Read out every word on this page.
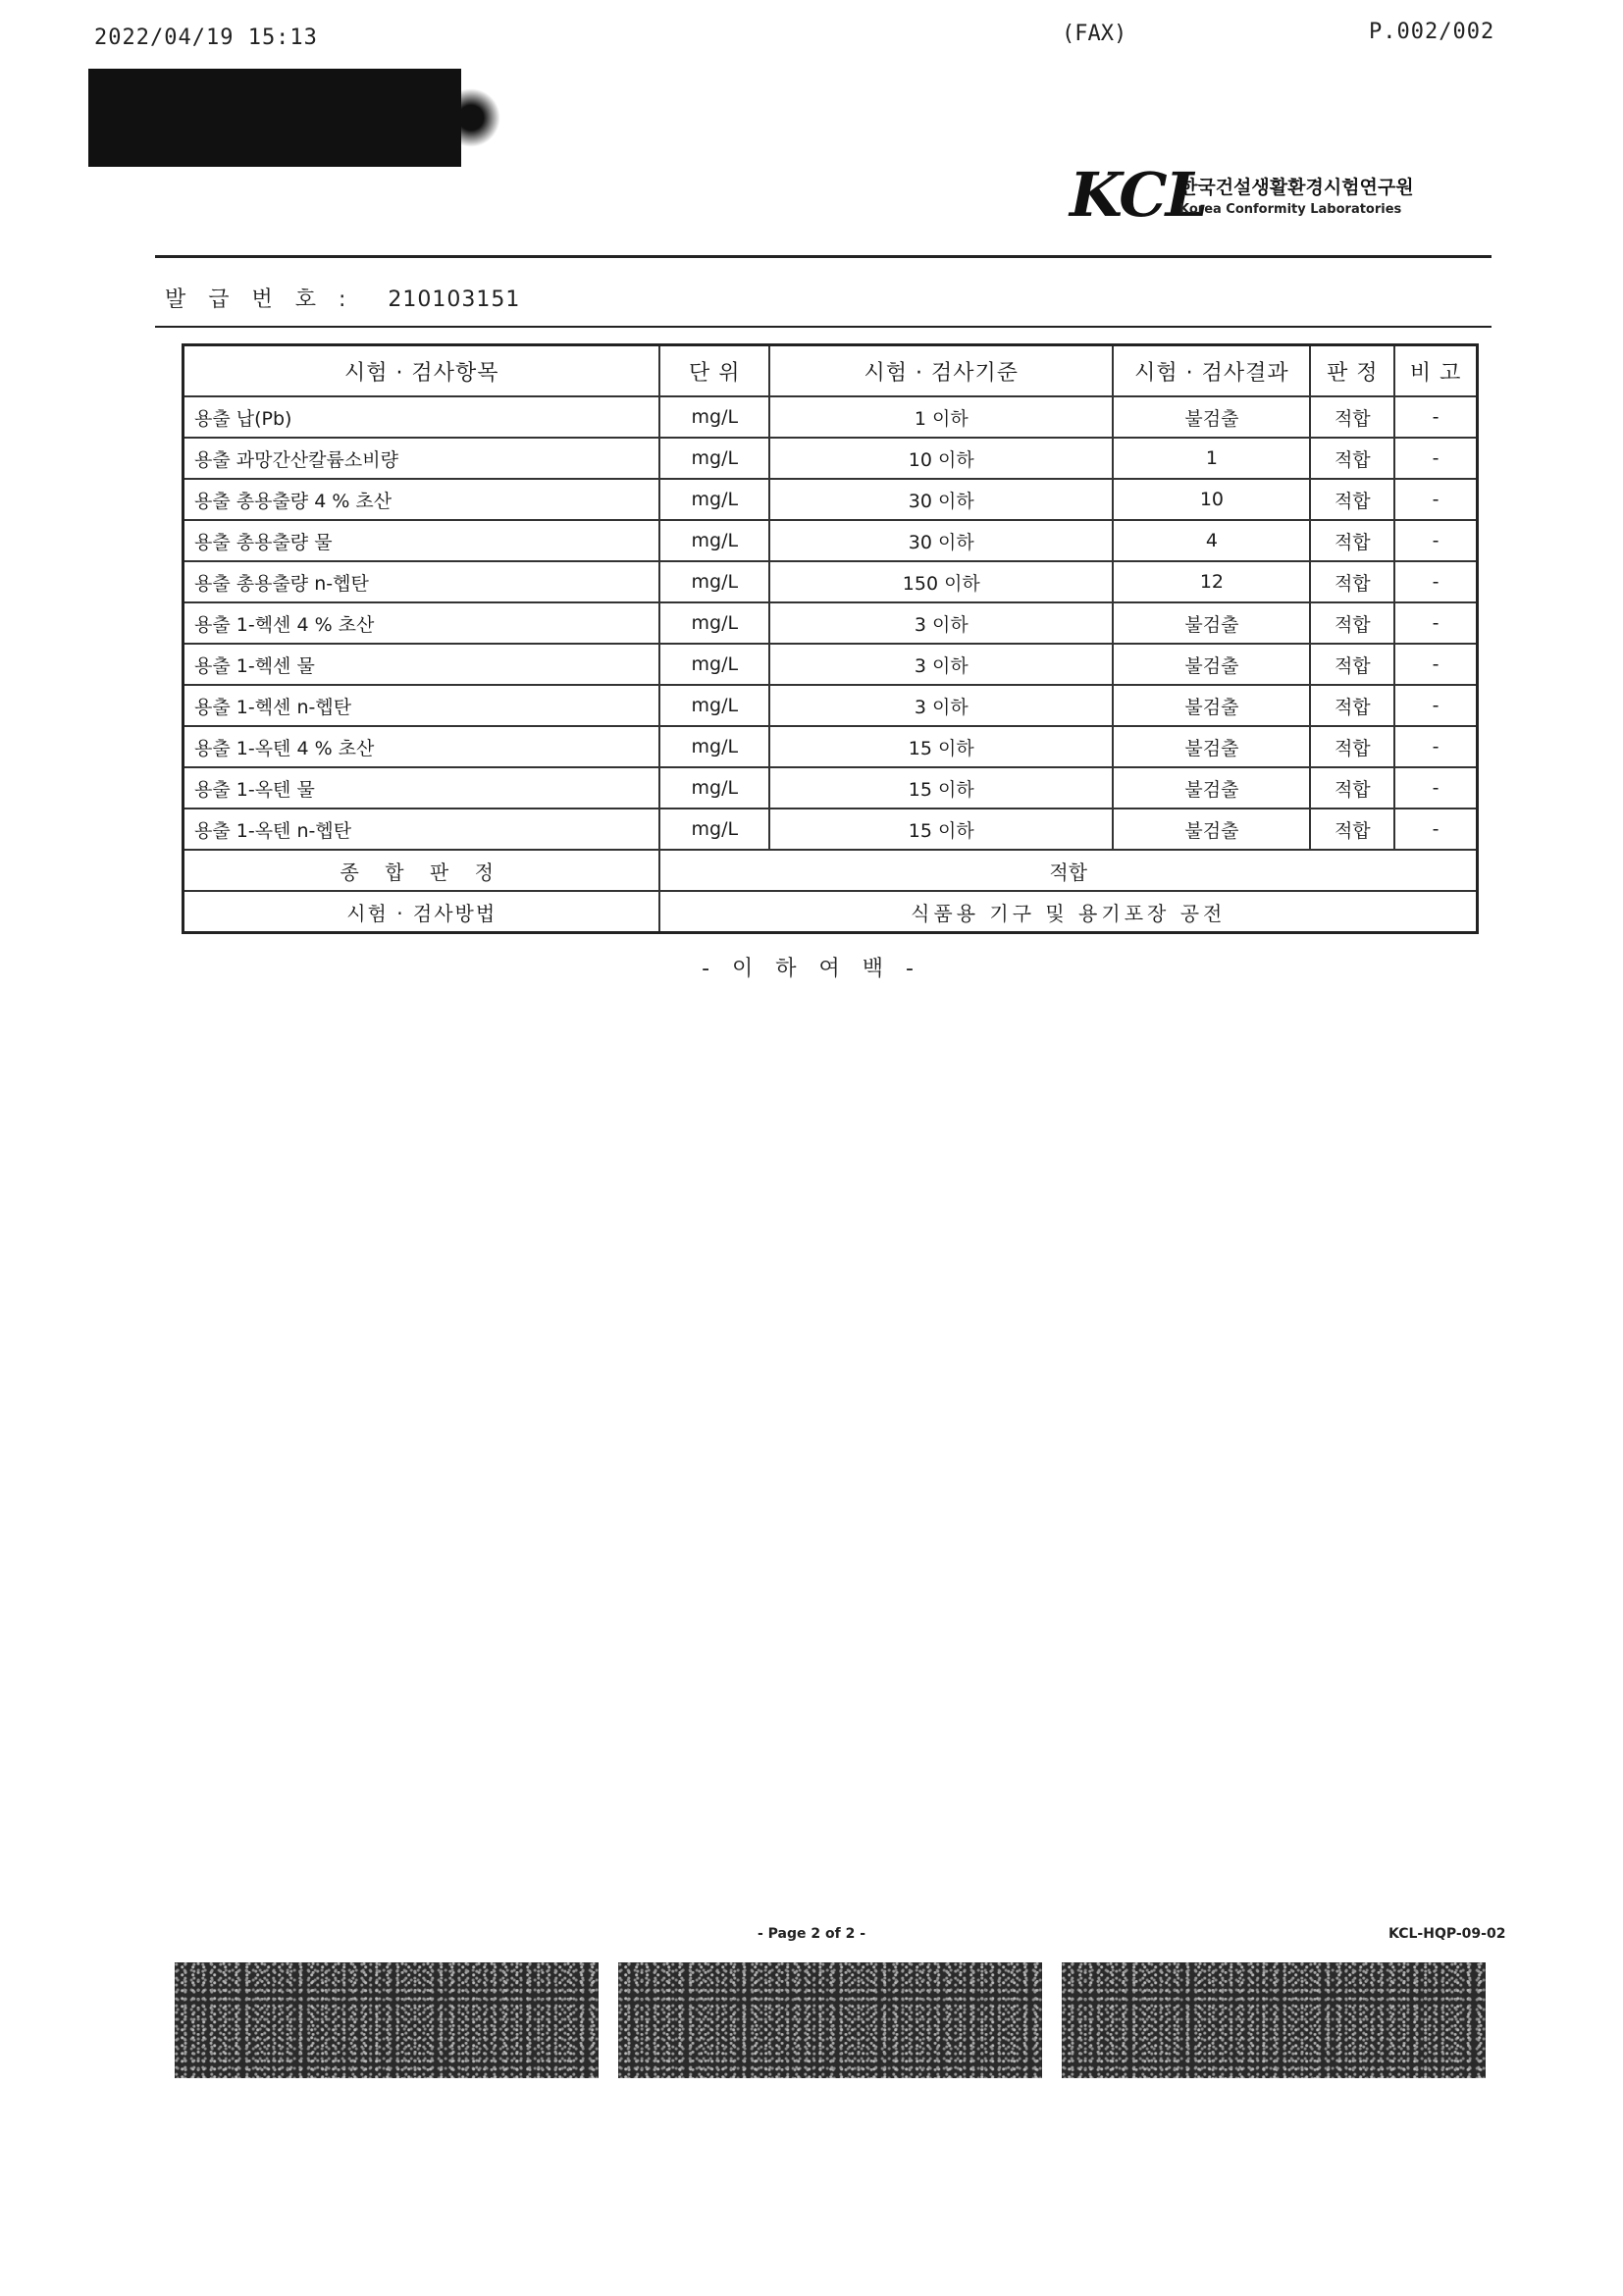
2022/04/19 15:13	(FAX)	P.002/002
KCL
한국건설생활환경시험연구원
Korea Conformity Laboratories
발 급 번 호 : 210103151
시험 · 검사항목	단 위	시험 · 검사기준	시험 · 검사결과	판 정	비 고
용출 납(Pb)	mg/L	1 이하	불검출	적합	-
용출 과망간산칼륨소비량	mg/L	10 이하	1	적합	-
용출 총용출량 4 % 초산	mg/L	30 이하	10	적합	-
용출 총용출량 물	mg/L	30 이하	4	적합	-
용출 총용출량 n-헵탄	mg/L	150 이하	12	적합	-
용출 1-헥센 4 % 초산	mg/L	3 이하	불검출	적합	-
용출 1-헥센 물	mg/L	3 이하	불검출	적합	-
용출 1-헥센 n-헵탄	mg/L	3 이하	불검출	적합	-
용출 1-옥텐 4 % 초산	mg/L	15 이하	불검출	적합	-
용출 1-옥텐 물	mg/L	15 이하	불검출	적합	-
용출 1-옥텐 n-헵탄	mg/L	15 이하	불검출	적합	-
종 합 판 정	적합				
시험 · 검사방법	식품용 기구 및 용기포장 공전				
- 이 하 여 백 -
- Page 2 of 2 -	KCL-HQP-09-02
